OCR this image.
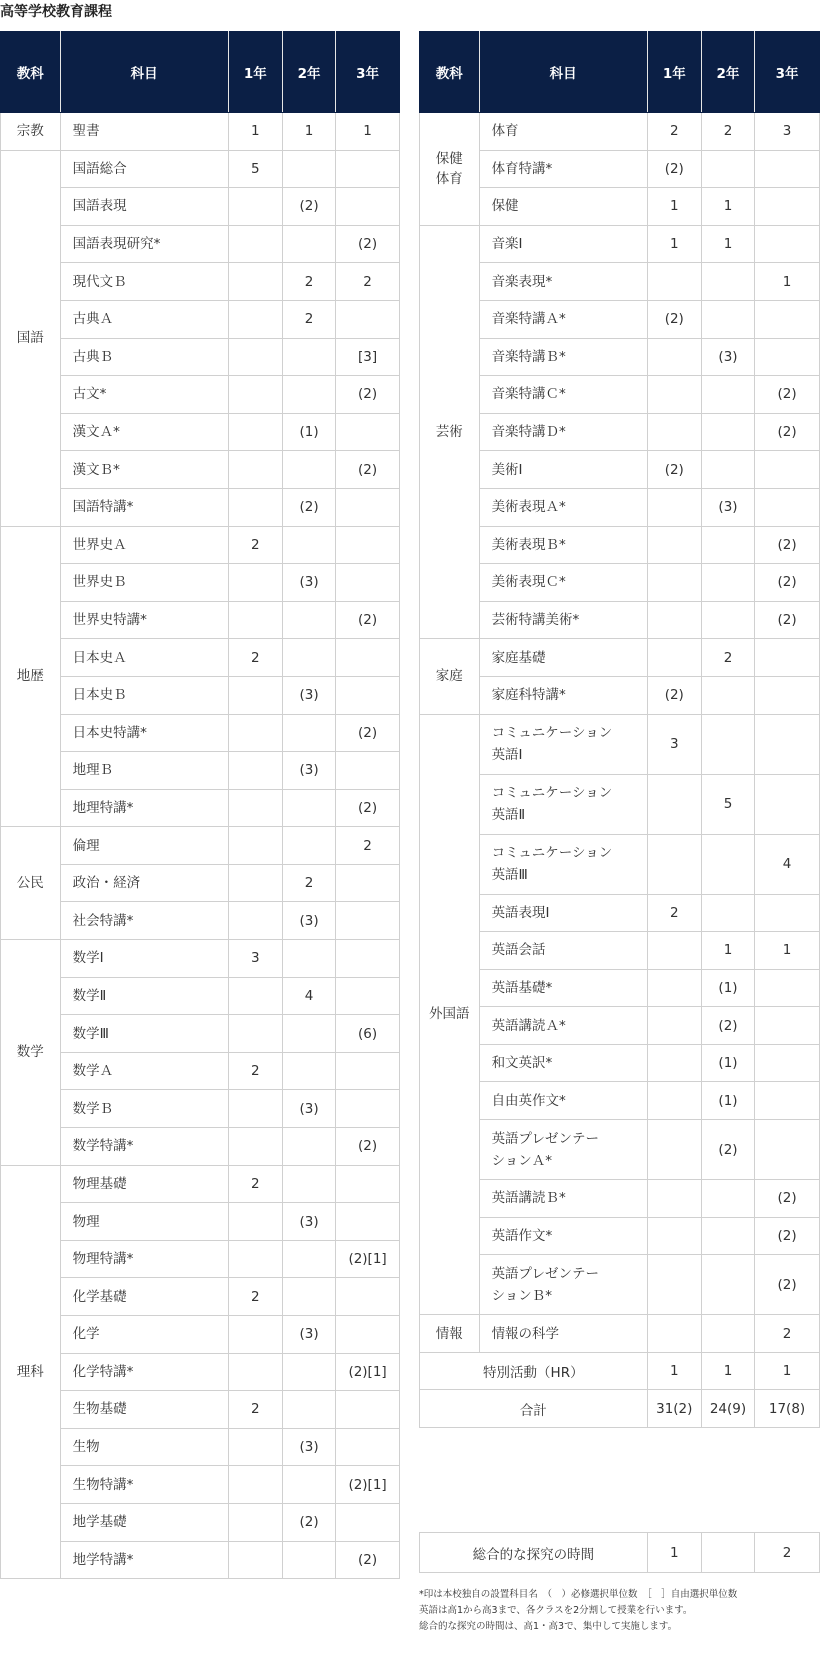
高等学校教育課程
教科	科目	1年	2年	3年
宗教	聖書	1	1	1
国語	国語総合	5		
	国語表現		(2)	
	国語表現研究*			(2)
	現代文Ｂ		2	2
	古典Ａ		2	
	古典Ｂ			[3]
	古文*			(2)
	漢文Ａ*		(1)	
	漢文Ｂ*			(2)
	国語特講*		(2)	
地歴	世界史Ａ	2		
	世界史Ｂ		(3)	
	世界史特講*			(2)
	日本史Ａ	2		
	日本史Ｂ		(3)	
	日本史特講*			(2)
	地理Ｂ		(3)	
	地理特講*			(2)
公民	倫理			2
	政治・経済		2	
	社会特講*		(3)	
数学	数学Ⅰ	3		
	数学Ⅱ		4	
	数学Ⅲ			(6)
	数学Ａ	2		
	数学Ｂ		(3)	
	数学特講*			(2)
理科	物理基礎	2		
	物理		(3)	
	物理特講*			(2)[1]
	化学基礎	2		
	化学		(3)	
	化学特講*			(2)[1]
	生物基礎	2		
	生物		(3)	
	生物特講*			(2)[1]
	地学基礎		(2)	
	地学特講*			(2)
教科	科目	1年	2年	3年
保健
体育	体育	2	2	3
	体育特講*	(2)		
	保健	1	1	
芸術	音楽Ⅰ	1	1	
	音楽表現*			1
	音楽特講Ａ*	(2)		
	音楽特講Ｂ*		(3)	
	音楽特講Ｃ*			(2)
	音楽特講Ｄ*			(2)
	美術Ⅰ	(2)		
	美術表現Ａ*		(3)	
	美術表現Ｂ*			(2)
	美術表現Ｃ*			(2)
	芸術特講美術*			(2)
家庭	家庭基礎		2	
	家庭科特講*	(2)		
外国語	コミュニケーション
英語Ⅰ	3		
	コミュニケーション
英語Ⅱ		5	
	コミュニケーション
英語Ⅲ			4
	英語表現Ⅰ	2		
	英語会話		1	1
	英語基礎*		(1)	
	英語講読Ａ*		(2)	
	和文英訳*		(1)	
	自由英作文*		(1)	
	英語プレゼンテー
ションＡ*		(2)	
	英語講読Ｂ*			(2)
	英語作文*			(2)
	英語プレゼンテー
ションＢ*			(2)
情報	情報の科学			2
特別活動（HR）		1	1	1
合計		31(2)	24(9)	17(8)
総合的な探究の時間	1		2
*印は本校独自の設置科目名　（　）必修選択単位数　［　］自由選択単位数
英語は高1から高3まで、各クラスを2分割して授業を行います。
総合的な探究の時間は、高1・高3で、集中して実施します。
